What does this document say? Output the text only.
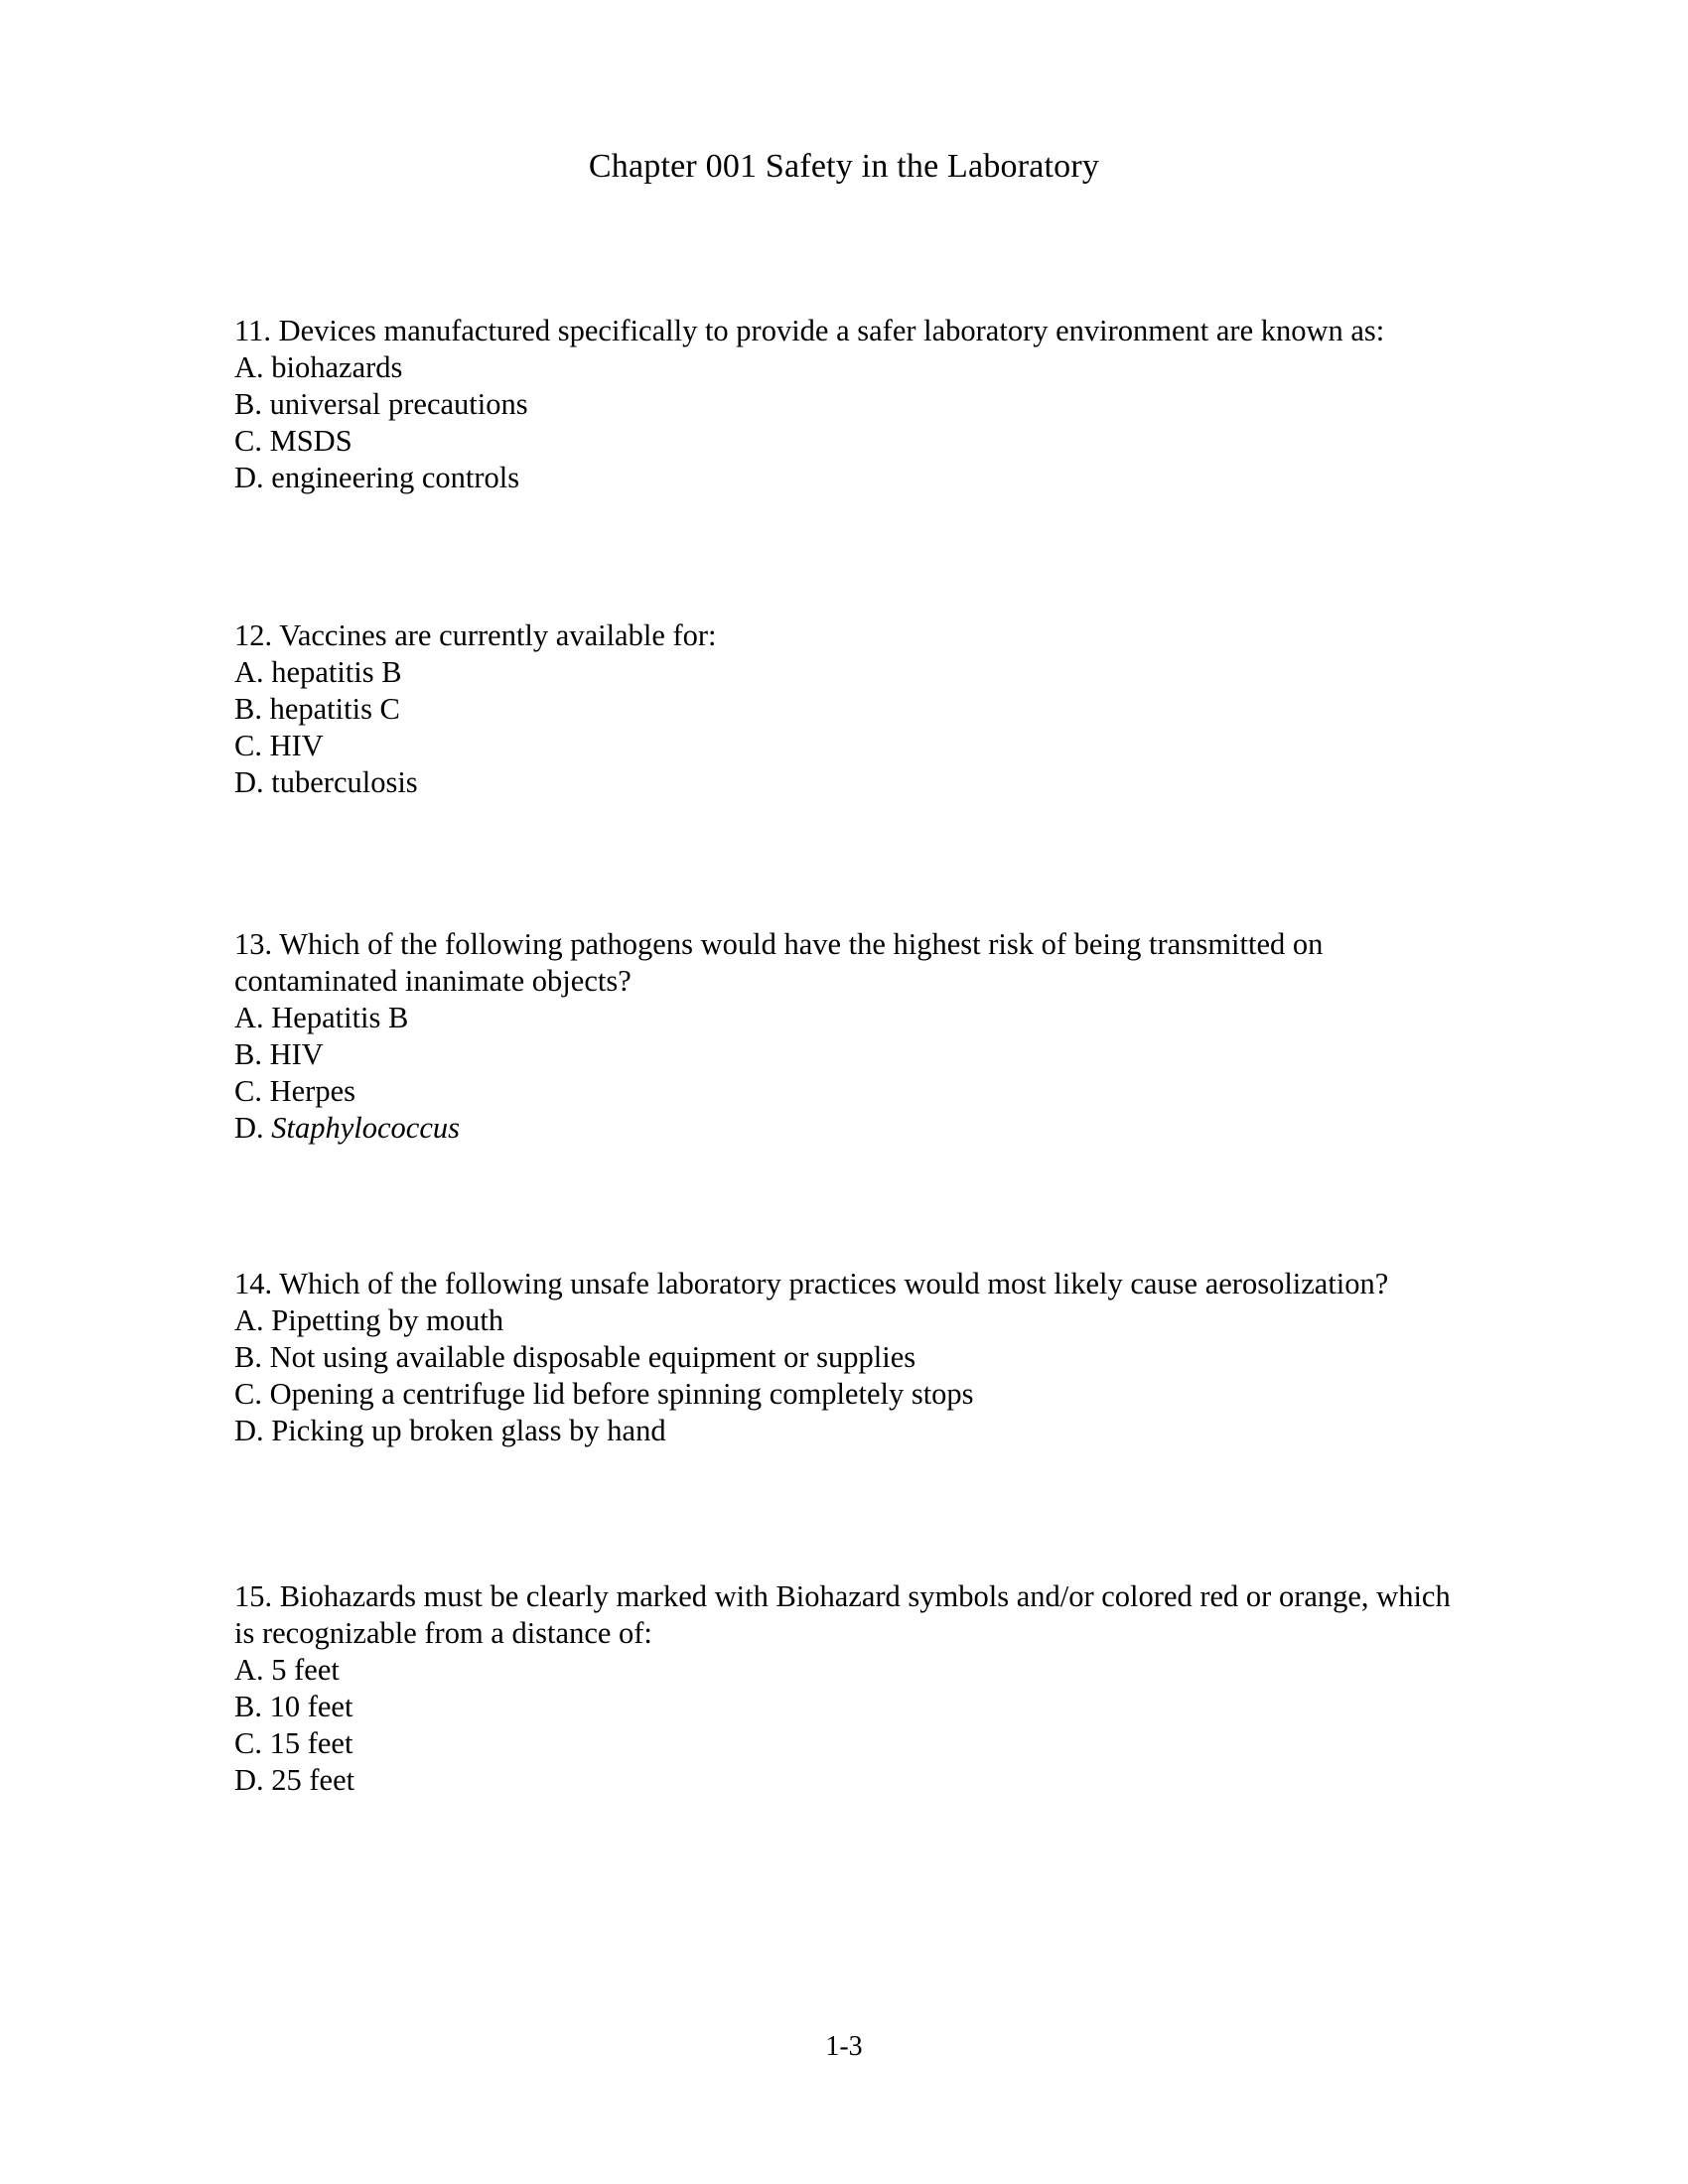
Chapter 001 Safety in the Laboratory

11. Devices manufactured specifically to provide a safer laboratory environment are known as:

A. biohazards

B. universal precautions

C. MSDS

D. engineering controls

12. Vaccines are currently available for:

A. hepatitis B

B. hepatitis C

C. HIV

D. tuberculosis

13. Which of the following pathogens would have the highest risk of being transmitted on contaminated inanimate objects?

A. Hepatitis B

B. HIV

C. Herpes

D. Staphylococcus

14. Which of the following unsafe laboratory practices would most likely cause aerosolization?

A. Pipetting by mouth

B. Not using available disposable equipment or supplies

C. Opening a centrifuge lid before spinning completely stops

D. Picking up broken glass by hand

15. Biohazards must be clearly marked with Biohazard symbols and/or colored red or orange, which is recognizable from a distance of:

A. 5 feet

B. 10 feet

C. 15 feet

D. 25 feet

1-3
